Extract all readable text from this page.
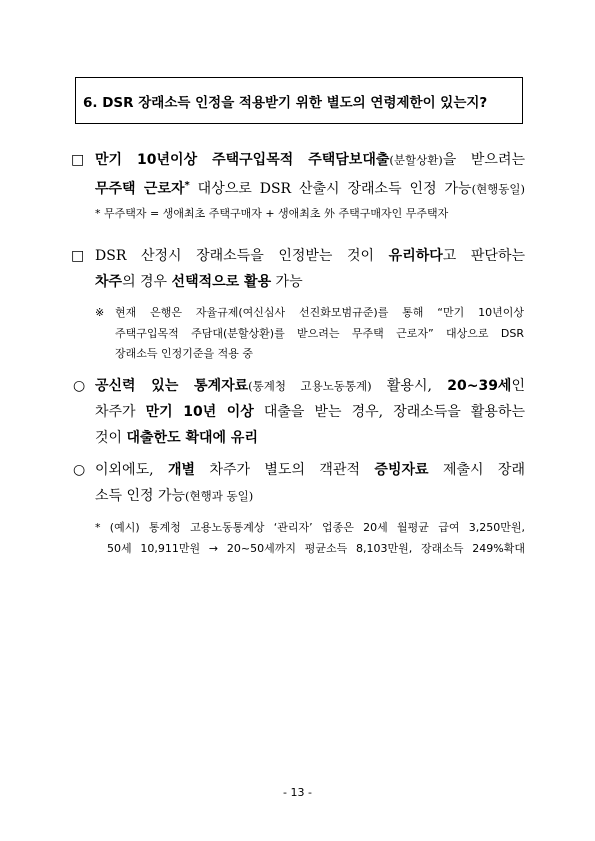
6. DSR 장래소득 인정을 적용받기 위한 별도의 연령제한이 있는지?
□ 만기 10년이상 주택구입목적 주택담보대출(분할상환)을 받으려는
무주택 근로자* 대상으로 DSR 산출시 장래소득 인정 가능(현행동일)
* 무주택자 = 생애최초 주택구매자 + 생애최초 外 주택구매자인 무주택자
□ DSR 산정시 장래소득을 인정받는 것이 유리하다고 판단하는
차주의 경우 선택적으로 활용 가능
※ 현재 은행은 자율규제(여신심사 선진화모범규준)를 통해 “만기 10년이상
주택구입목적 주담대(분할상환)를 받으려는 무주택 근로자” 대상으로 DSR
장래소득 인정기준을 적용 중
○ 공신력 있는 통계자료(통계청 고용노동통계) 활용시, 20~39세인
차주가 만기 10년 이상 대출을 받는 경우, 장래소득을 활용하는
것이 대출한도 확대에 유리
○ 이외에도, 개별 차주가 별도의 객관적 증빙자료 제출시 장래
소득 인정 가능(현행과 동일)
* (예시) 통계청 고용노동통계상 ‘관리자’ 업종은 20세 월평균 급여 3,250만원,
50세 10,911만원 → 20~50세까지 평균소득 8,103만원, 장래소득 249%확대
- 13 -
